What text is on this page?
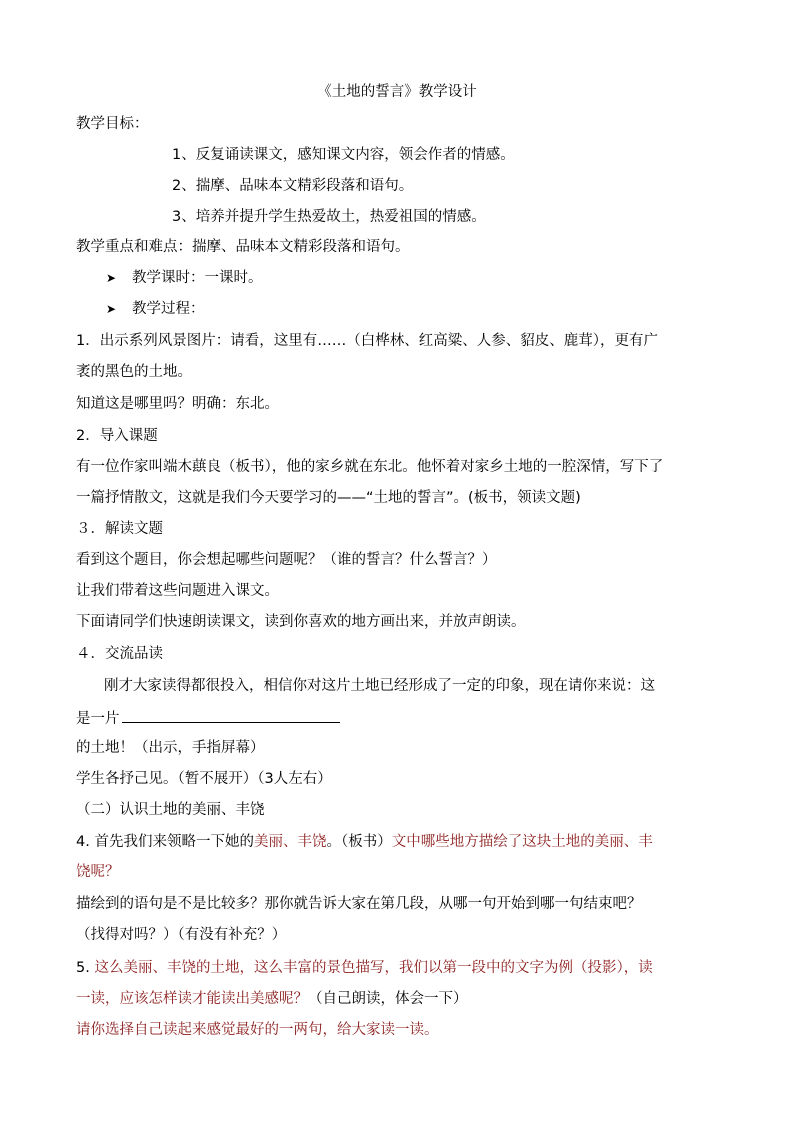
《土地的誓言》教学设计
教学目标：
1、反复诵读课文，感知课文内容，领会作者的情感。
2、揣摩、品味本文精彩段落和语句。
3、培养并提升学生热爱故土，热爱祖国的情感。
教学重点和难点：揣摩、品味本文精彩段落和语句。
➤ 教学课时：一课时。
➤ 教学过程：
1．出示系列风景图片：请看，这里有……（白桦林、红高粱、人参、貂皮、鹿茸），更有广
袤的黑色的土地。
知道这是哪里吗？明确：东北。
2．导入课题
有一位作家叫端木蕻良（板书），他的家乡就在东北。他怀着对家乡土地的一腔深情，写下了
一篇抒情散文，这就是我们今天要学习的——“土地的誓言”。(板书，领读文题)
３．解读文题
看到这个题目，你会想起哪些问题呢？（谁的誓言？什么誓言？）
让我们带着这些问题进入课文。
下面请同学们快速朗读课文，读到你喜欢的地方画出来，并放声朗读。
４．交流品读
刚才大家读得都很投入，相信你对这片土地已经形成了一定的印象，现在请你来说：这
是一片
的土地！（出示，手指屏幕）
学生各抒己见。（暂不展开）（3人左右）
（二）认识土地的美丽、丰饶
4. 首先我们来领略一下她的美丽、丰饶。（板书）文中哪些地方描绘了这块土地的美丽、丰
饶呢？
描绘到的语句是不是比较多？那你就告诉大家在第几段，从哪一句开始到哪一句结束吧？
（找得对吗？）（有没有补充？）
5. 这么美丽、丰饶的土地，这么丰富的景色描写，我们以第一段中的文字为例（投影），读
一读，应该怎样读才能读出美感呢？（自己朗读，体会一下）
请你选择自己读起来感觉最好的一两句，给大家读一读。
